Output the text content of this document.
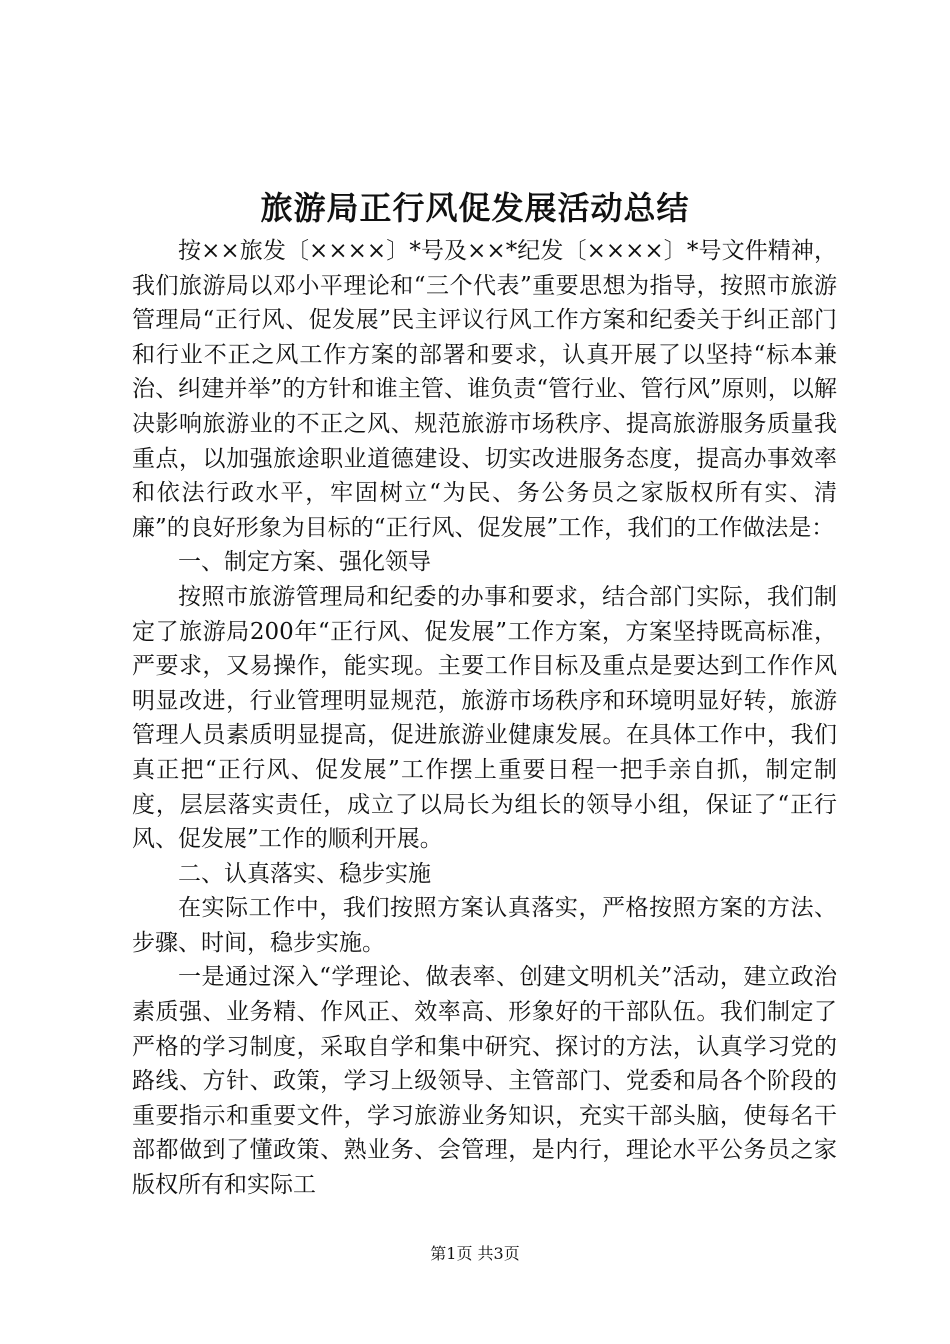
旅游局正行风促发展活动总结

按××旅发〔××××〕*号及××*纪发〔××××〕*号文件精神，我们旅游局以邓小平理论和“三个代表”重要思想为指导，按照市旅游管理局“正行风、促发展”民主评议行风工作方案和纪委关于纠正部门和行业不正之风工作方案的部署和要求，认真开展了以坚持“标本兼治、纠建并举”的方针和谁主管、谁负责“管行业、管行风”原则，以解决影响旅游业的不正之风、规范旅游市场秩序、提高旅游服务质量我重点，以加强旅途职业道德建设、切实改进服务态度，提高办事效率和依法行政水平，牢固树立“为民、务公务员之家版权所有实、清廉”的良好形象为目标的“正行风、促发展”工作，我们的工作做法是：

一、制定方案、强化领导

按照市旅游管理局和纪委的办事和要求，结合部门实际，我们制定了旅游局200年“正行风、促发展”工作方案，方案坚持既高标准，严要求，又易操作，能实现。主要工作目标及重点是要达到工作作风明显改进，行业管理明显规范，旅游市场秩序和环境明显好转，旅游管理人员素质明显提高，促进旅游业健康发展。在具体工作中，我们真正把“正行风、促发展”工作摆上重要日程一把手亲自抓，制定制度，层层落实责任，成立了以局长为组长的领导小组，保证了“正行风、促发展”工作的顺利开展。

二、认真落实、稳步实施

在实际工作中，我们按照方案认真落实，严格按照方案的方法、步骤、时间，稳步实施。

一是通过深入“学理论、做表率、创建文明机关”活动，建立政治素质强、业务精、作风正、效率高、形象好的干部队伍。我们制定了严格的学习制度，采取自学和集中研究、探讨的方法，认真学习党的路线、方针、政策，学习上级领导、主管部门、党委和局各个阶段的重要指示和重要文件，学习旅游业务知识，充实干部头脑，使每名干部都做到了懂政策、熟业务、会管理，是内行，理论水平公务员之家版权所有和实际工

第1页 共3页
